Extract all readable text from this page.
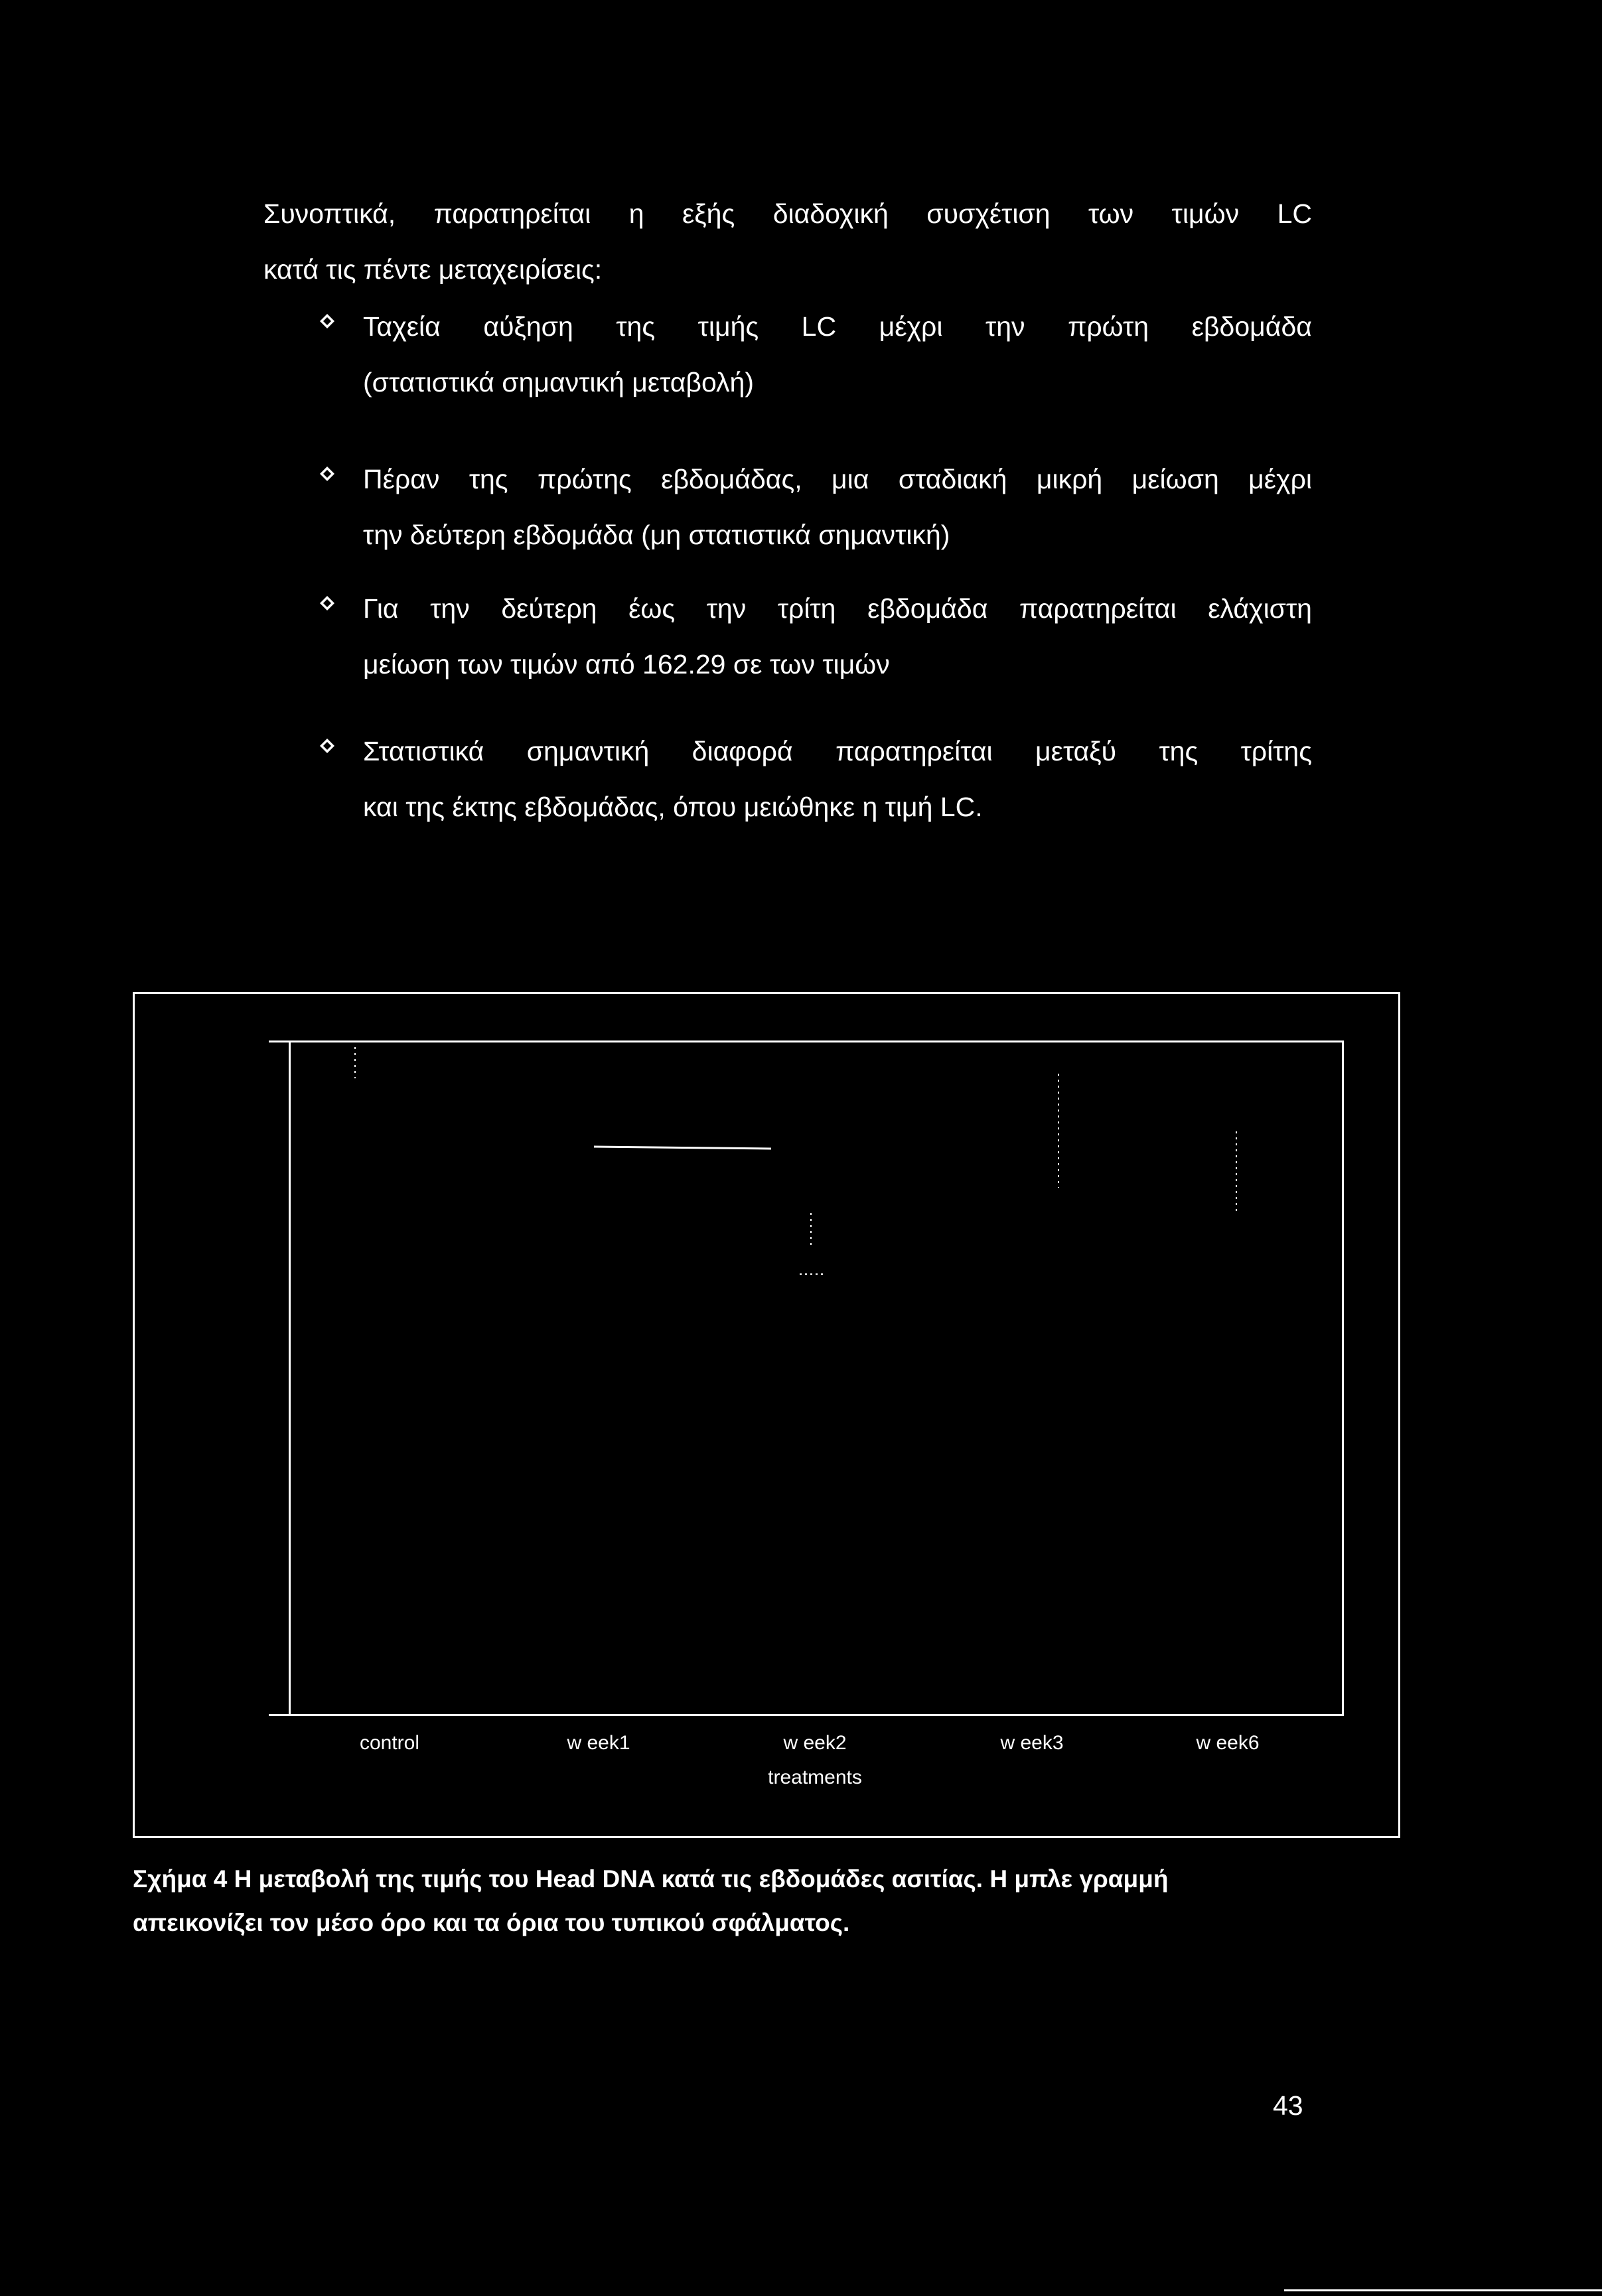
Συνοπτικά, παρατηρείται η εξής διαδοχική συσχέτιση των τιμών LC
κατά τις πέντε μεταχειρίσεις:
Ταχεία αύξηση της τιμής LC μέχρι την πρώτη εβδομάδα
(στατιστικά σημαντική μεταβολή)
Πέραν της πρώτης εβδομάδας, μια σταδιακή μικρή μείωση μέχρι
την δεύτερη εβδομάδα (μη στατιστικά σημαντική)
Για την δεύτερη έως την τρίτη εβδομάδα παρατηρείται ελάχιστη
μείωση των τιμών από 162.29 σε των τιμών
Στατιστικά σημαντική διαφορά παρατηρείται μεταξύ της τρίτης
και της έκτης εβδομάδας, όπου μειώθηκε η τιμή LC.
control	w eek1	w eek2	w eek3	w eek6
treatments
Σχήμα 4 Η μεταβολή της τιμής του Head DNA κατά τις εβδομάδες ασιτίας. Η μπλε γραμμή
απεικονίζει τον μέσο όρο και τα όρια του τυπικού σφάλματος.
43
